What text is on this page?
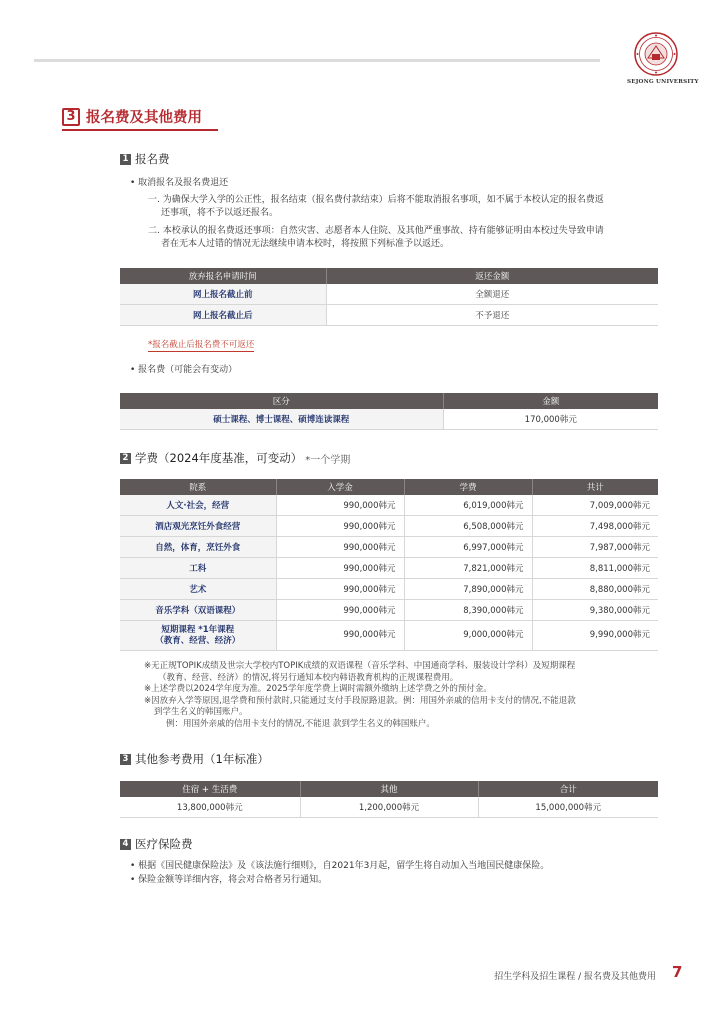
SEJONG UNIVERSITY
3 报名费及其他费用
1 报名费
• 取消报名及报名费退还
一. 为确保大学入学的公正性，报名结束（报名费付款结束）后将不能取消报名事项，如不属于本校认定的报名费返
还事项，将不予以返还报名。
二. 本校承认的报名费返还事项：自然灾害、志愿者本人住院、及其他严重事故、持有能够证明由本校过失导致申请
者在无本人过错的情况无法继续申请本校时，将按照下列标准予以返还。
放弃报名申请时间	返还金额
网上报名截止前	全额退还
网上报名截止后	不予退还
*报名截止后报名费不可返还
• 报名费（可能会有变动）
区分	金额
硕士课程、博士课程、硕博连读课程	170,000韩元
2 学费（2024年度基准，可变动） *一个学期
院系	入学金	学费	共计

人文·社会，经营	990,000韩元	6,019,000韩元	7,009,000韩元

酒店观光烹饪外食经营	990,000韩元	6,508,000韩元	7,498,000韩元

自然，体育，烹饪外食	990,000韩元	6,997,000韩元	7,987,000韩元

工科	990,000韩元	7,821,000韩元	8,811,000韩元

艺术	990,000韩元	7,890,000韩元	8,880,000韩元

音乐学科（双语课程）	990,000韩元	8,390,000韩元	9,380,000韩元

短期课程 *1年课程
（教育、经营、经济）	990,000韩元	9,000,000韩元	9,990,000韩元
※无正规TOPIK成绩及世宗大学校内TOPIK成绩的双语课程（音乐学科、中国通商学科、服装设计学科）及短期课程
（教育、经营、经济）的情况,将另行通知本校内韩语教育机构的正规课程费用。
※上述学费以2024学年度为准。2025学年度学费上调时需额外缴纳上述学费之外的预付金。
※因放弃入学等原因,退学费和预付款时,只能通过支付手段原路退款。例：用国外亲戚的信用卡支付的情况,不能退款
到学生名义的韩国账户。
例：用国外亲戚的信用卡支付的情况,不能退 款到学生名义的韩国账户。
3 其他参考费用（1年标准）
住宿 + 生活费	其他	合计
13,800,000韩元	1,200,000韩元	15,000,000韩元
4 医疗保险费
• 根据《国民健康保险法》及《该法施行细则》，自2021年3月起，留学生将自动加入当地国民健康保险。
• 保险金额等详细内容，将会对合格者另行通知。
招生学科及招生课程 / 报名费及其他费用 7
